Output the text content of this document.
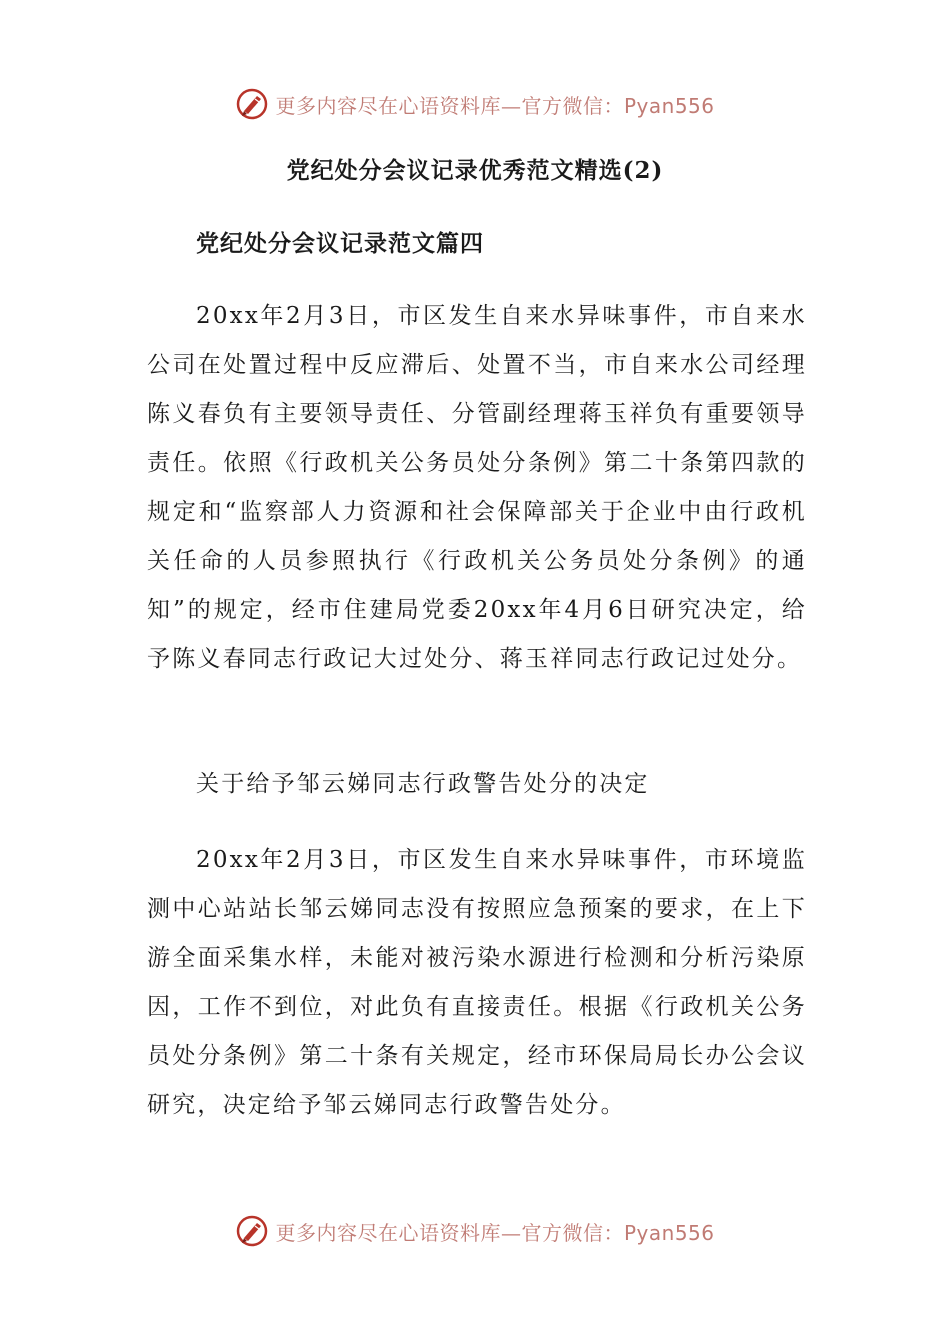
更多内容尽在心语资料库—官方微信：Pyan556
党纪处分会议记录优秀范文精选(2)
党纪处分会议记录范文篇四

20xx年2月3日，市区发生自来水异味事件，市自来水公司在处置过程中反应滞后、处置不当，市自来水公司经理陈义春负有主要领导责任、分管副经理蒋玉祥负有重要领导责任。依照《行政机关公务员处分条例》第二十条第四款的规定和“监察部人力资源和社会保障部关于企业中由行政机关任命的人员参照执行《行政机关公务员处分条例》的通知”的规定，经市住建局党委20xx年4月6日研究决定，给予陈义春同志行政记大过处分、蒋玉祥同志行政记过处分。

关于给予邹云娣同志行政警告处分的决定

20xx年2月3日，市区发生自来水异味事件，市环境监测中心站站长邹云娣同志没有按照应急预案的要求，在上下游全面采集水样，未能对被污染水源进行检测和分析污染原因，工作不到位，对此负有直接责任。根据《行政机关公务员处分条例》第二十条有关规定，经市环保局局长办公会议研究，决定给予邹云娣同志行政警告处分。

更多内容尽在心语资料库—官方微信：Pyan556
